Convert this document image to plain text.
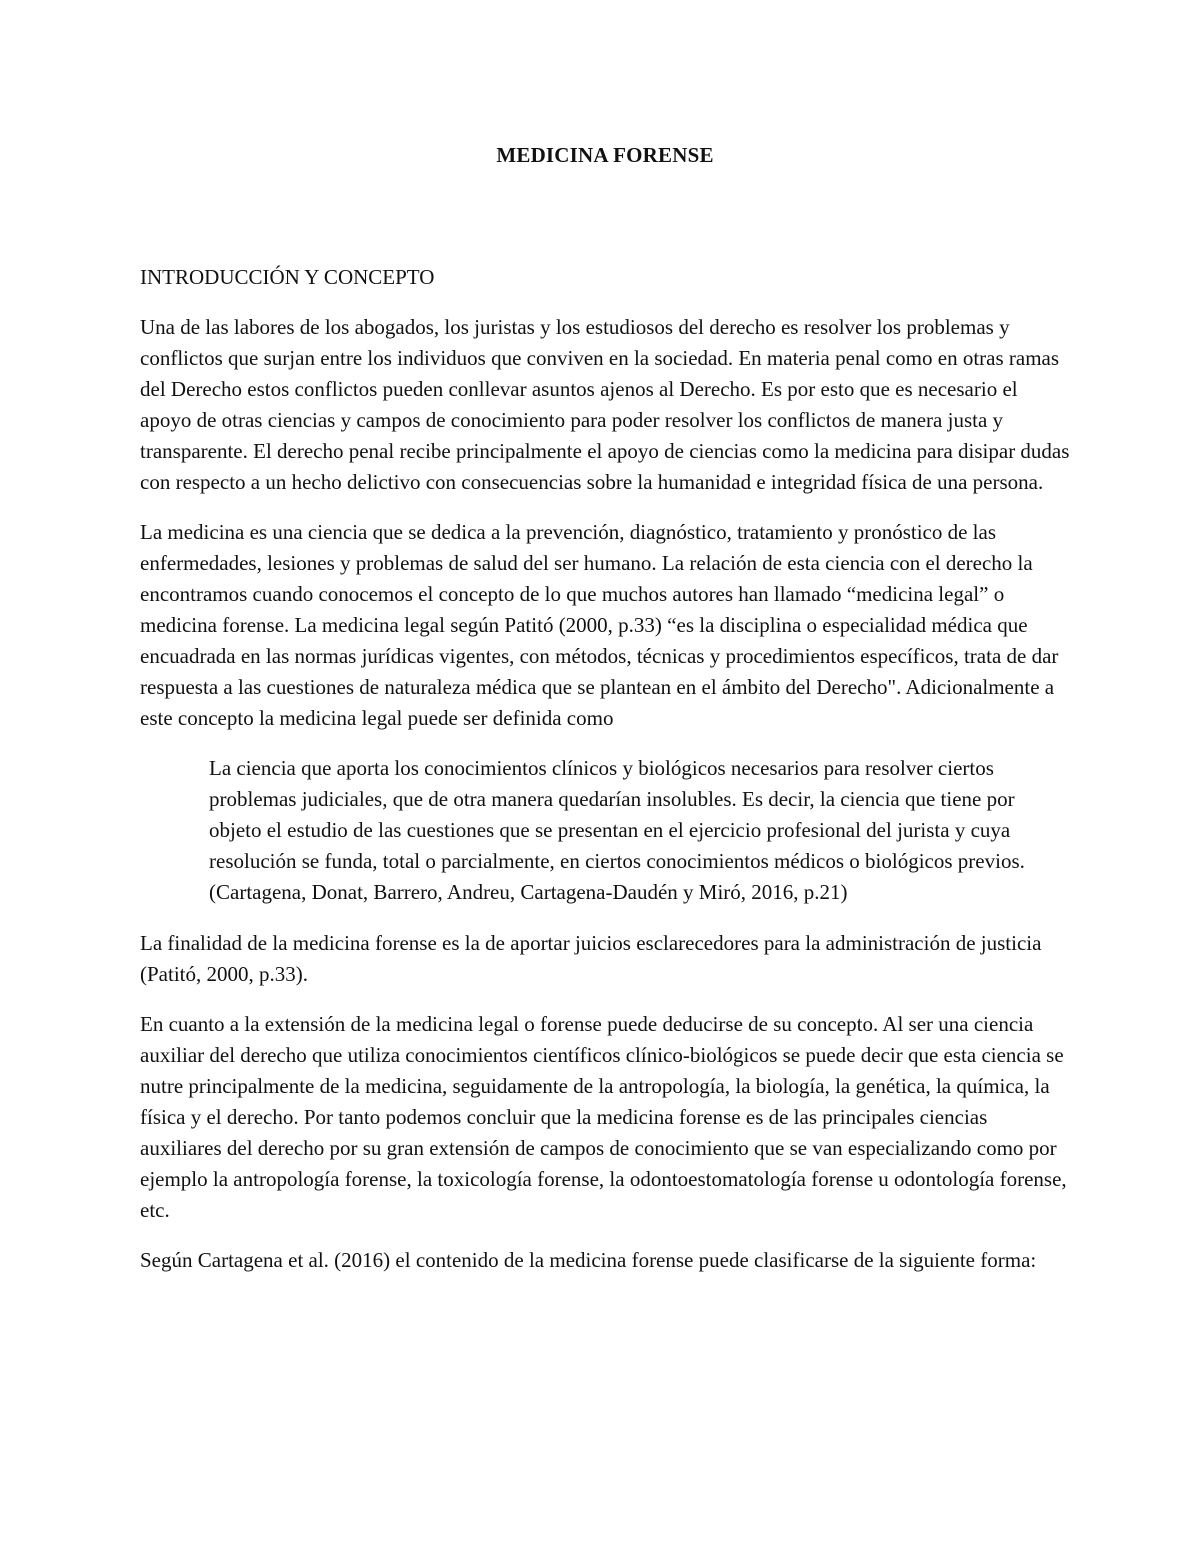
MEDICINA FORENSE
INTRODUCCIÓN Y CONCEPTO

Una de las labores de los abogados, los juristas y los estudiosos del derecho es resolver los problemas y conflictos que surjan entre los individuos que conviven en la sociedad. En materia penal como en otras ramas del Derecho estos conflictos pueden conllevar asuntos ajenos al Derecho. Es por esto que es necesario el apoyo de otras ciencias y campos de conocimiento para poder resolver los conflictos de manera justa y transparente. El derecho penal recibe principalmente el apoyo de ciencias como la medicina para disipar dudas con respecto a un hecho delictivo con consecuencias sobre la humanidad e integridad física de una persona.

La medicina es una ciencia que se dedica a la prevención, diagnóstico, tratamiento y pronóstico de las enfermedades, lesiones y problemas de salud del ser humano. La relación de esta ciencia con el derecho la encontramos cuando conocemos el concepto de lo que muchos autores han llamado “medicina legal” o medicina forense. La medicina legal según Patitó (2000, p.33) “es la disciplina o especialidad médica que encuadrada en las normas jurídicas vigentes, con métodos, técnicas y procedimientos específicos, trata de dar respuesta a las cuestiones de naturaleza médica que se plantean en el ámbito del Derecho". Adicionalmente a este concepto la medicina legal puede ser definida como

La ciencia que aporta los conocimientos clínicos y biológicos necesarios para resolver ciertos problemas judiciales, que de otra manera quedarían insolubles. Es decir, la ciencia que tiene por objeto el estudio de las cuestiones que se presentan en el ejercicio profesional del jurista y cuya resolución se funda, total o parcialmente, en ciertos conocimientos médicos o biológicos previos. (Cartagena, Donat, Barrero, Andreu, Cartagena-Daudén y Miró, 2016, p.21)

La finalidad de la medicina forense es la de aportar juicios esclarecedores para la administración de justicia (Patitó, 2000, p.33).

En cuanto a la extensión de la medicina legal o forense puede deducirse de su concepto. Al ser una ciencia auxiliar del derecho que utiliza conocimientos científicos clínico-biológicos se puede decir que esta ciencia se nutre principalmente de la medicina, seguidamente de la antropología, la biología, la genética, la química, la física y el derecho. Por tanto podemos concluir que la medicina forense es de las principales ciencias auxiliares del derecho por su gran extensión de campos de conocimiento que se van especializando como por ejemplo la antropología forense, la toxicología forense, la odontoestomatología forense u odontología forense, etc.

Según Cartagena et al. (2016) el contenido de la medicina forense puede clasificarse de la siguiente forma:
